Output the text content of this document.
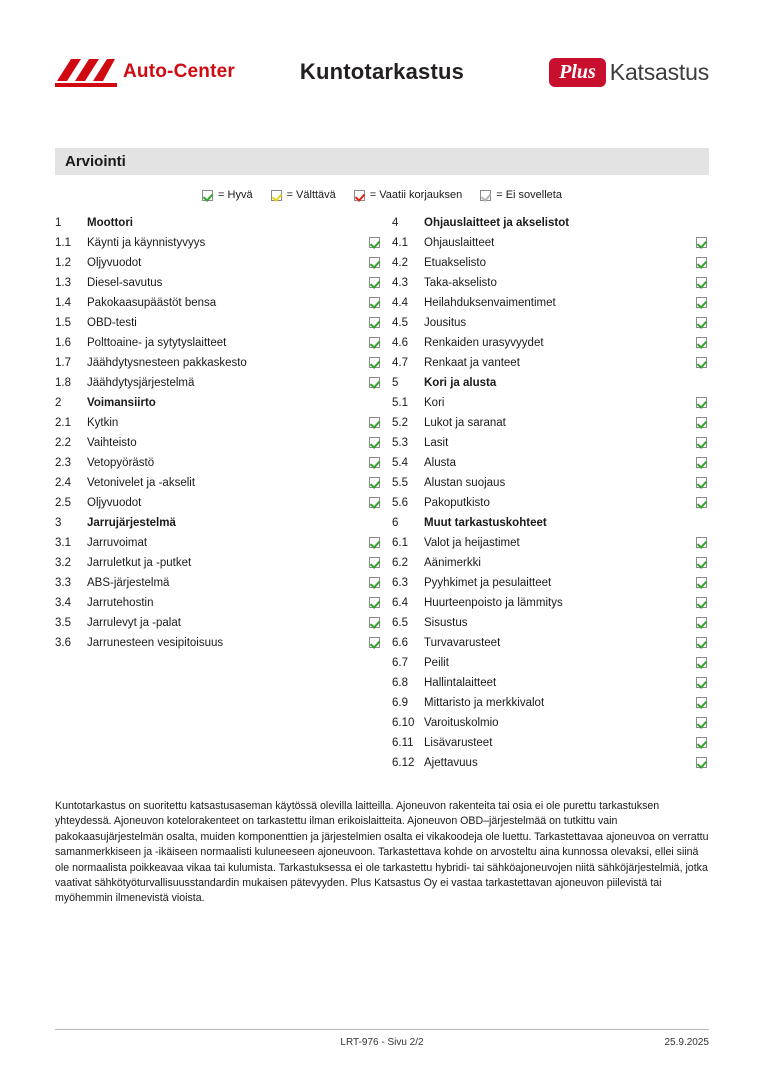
Auto-Center	Kuntotarkastus	Plus Katsastus
Arviointi
= Hyvä	= Välttävä	= Vaatii korjauksen	= Ei sovelleta
1	Moottori
1.1	Käynti ja käynnistyvyys
1.2	Öljyvuodot
1.3	Diesel-savutus
1.4	Pakokaasupäästöt bensa
1.5	OBD-testi
1.6	Polttoaine- ja sytytyslaitteet
1.7	Jäähdytysnesteen pakkaskesto
1.8	Jäähdytysjärjestelmä
2	Voimansiirto
2.1	Kytkin
2.2	Vaihteisto
2.3	Vetopyörästö
2.4	Vetonivelet ja -akselit
2.5	Öljyvuodot
3	Jarrujärjestelmä
3.1	Jarruvoimat
3.2	Jarruletkut ja -putket
3.3	ABS-järjestelmä
3.4	Jarrutehostin
3.5	Jarrulevyt ja -palat
3.6	Jarrunesteen vesipitoisuus
4	Ohjauslaitteet ja akselistot
4.1	Ohjauslaitteet
4.2	Etuakselisto
4.3	Taka-akselisto
4.4	Heilahduksenvaimentimet
4.5	Jousitus
4.6	Renkaiden urasyvyydet
4.7	Renkaat ja vanteet
5	Kori ja alusta
5.1	Kori
5.2	Lukot ja saranat
5.3	Lasit
5.4	Alusta
5.5	Alustan suojaus
5.6	Pakoputkisto
6	Muut tarkastuskohteet
6.1	Valot ja heijastimet
6.2	Äänimerkki
6.3	Pyyhkimet ja pesulaitteet
6.4	Huurteenpoisto ja lämmitys
6.5	Sisustus
6.6	Turvavarusteet
6.7	Peilit
6.8	Hallintalaitteet
6.9	Mittaristo ja merkkivalot
6.10 Varoituskolmio
6.11 Lisävarusteet
6.12 Ajettavuus
Kuntotarkastus on suoritettu katsastusaseman käytössä olevilla laitteilla. Ajoneuvon rakenteita tai osia ei ole purettu tarkastuksen yhteydessä. Ajoneuvon kotelorakenteet on tarkastettu ilman erikoislaitteita. Ajoneuvon OBD–järjestelmää on tutkittu vain pakokaasujärjestelmän osalta, muiden komponenttien ja järjestelmien osalta ei vikakoodeja ole luettu. Tarkastettavaa ajoneuvoa on verrattu samanmerkkiseen ja -ikäiseen normaalisti kuluneeseen ajoneuvoon. Tarkastettava kohde on arvosteltu aina kunnossa olevaksi, ellei siinä ole normaalista poikkeavaa vikaa tai kulumista. Tarkastuksessa ei ole tarkastettu hybridi- tai sähköajoneuvojen niitä sähköjärjestelmiä, jotka vaativat sähkötyöturvallisuusstandardin mukaisen pätevyyden. Plus Katsastus Oy ei vastaa tarkastettavan ajoneuvon piilevistä tai myöhemmin ilmenevistä vioista.
LRT-976 - Sivu 2/2	25.9.2025
